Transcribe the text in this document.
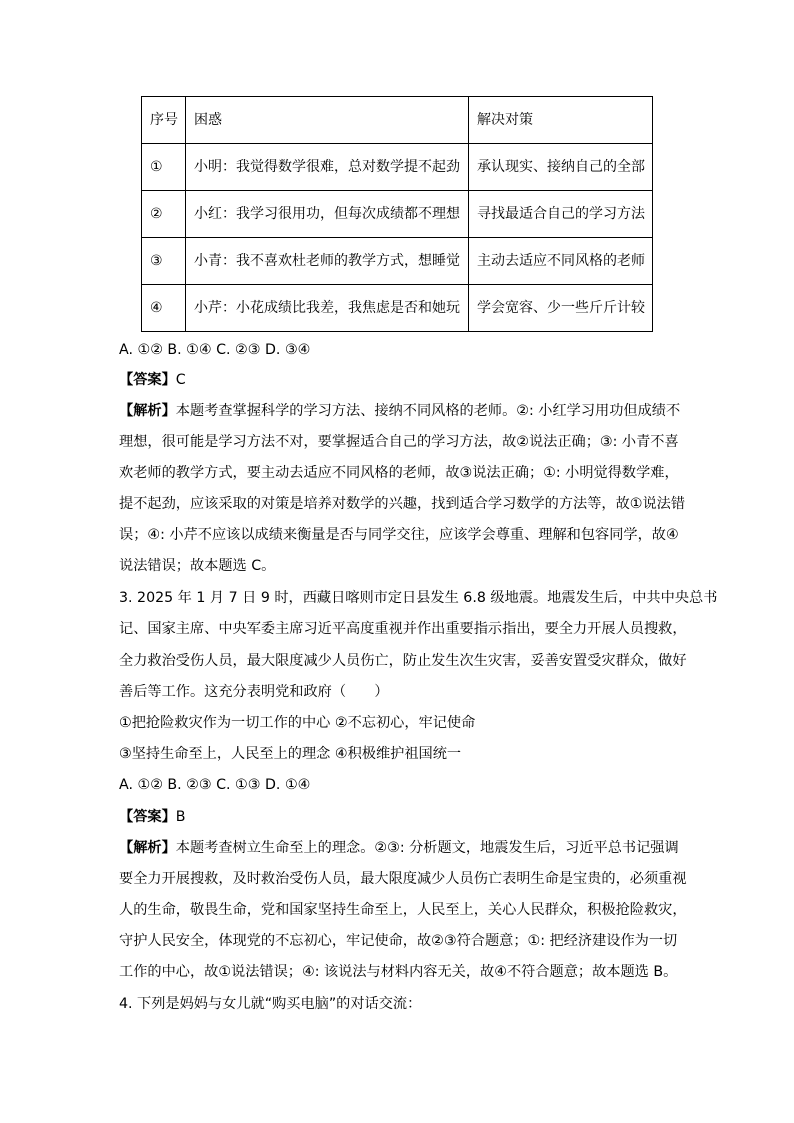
序号	困惑	解决对策
①	小明：我觉得数学很难，总对数学提不起劲	承认现实、接纳自己的全部
②	小红：我学习很用功，但每次成绩都不理想	寻找最适合自己的学习方法
③	小青：我不喜欢杜老师的教学方式，想睡觉	主动去适应不同风格的老师
④	小芹：小花成绩比我差，我焦虑是否和她玩	学会宽容、少一些斤斤计较
A. ①② B. ①④ C. ②③ D. ③④
【答案】C
【解析】本题考查掌握科学的学习方法、接纳不同风格的老师。②: 小红学习用功但成绩不
理想，很可能是学习方法不对，要掌握适合自己的学习方法，故②说法正确；③: 小青不喜
欢老师的教学方式，要主动去适应不同风格的老师，故③说法正确；①: 小明觉得数学难，
提不起劲，应该采取的对策是培养对数学的兴趣，找到适合学习数学的方法等，故①说法错
误；④: 小芹不应该以成绩来衡量是否与同学交往，应该学会尊重、理解和包容同学，故④
说法错误；故本题选 C。
3. 2025 年 1 月 7 日 9 时，西藏日喀则市定日县发生 6.8 级地震。地震发生后，中共中央总书
记、国家主席、中央军委主席习近平高度重视并作出重要指示指出，要全力开展人员搜救，
全力救治受伤人员，最大限度减少人员伤亡，防止发生次生灾害，妥善安置受灾群众，做好
善后等工作。这充分表明党和政府（　　）
①把抢险救灾作为一切工作的中心 ②不忘初心，牢记使命
③坚持生命至上，人民至上的理念 ④积极维护祖国统一
A. ①② B. ②③ C. ①③ D. ①④
【答案】B
【解析】本题考查树立生命至上的理念。②③: 分析题文，地震发生后，习近平总书记强调
要全力开展搜救，及时救治受伤人员，最大限度减少人员伤亡表明生命是宝贵的，必须重视
人的生命，敬畏生命，党和国家坚持生命至上，人民至上，关心人民群众，积极抢险救灾，
守护人民安全，体现党的不忘初心，牢记使命，故②③符合题意；①: 把经济建设作为一切
工作的中心，故①说法错误；④: 该说法与材料内容无关，故④不符合题意；故本题选 B。
4. 下列是妈妈与女儿就“购买电脑”的对话交流：
